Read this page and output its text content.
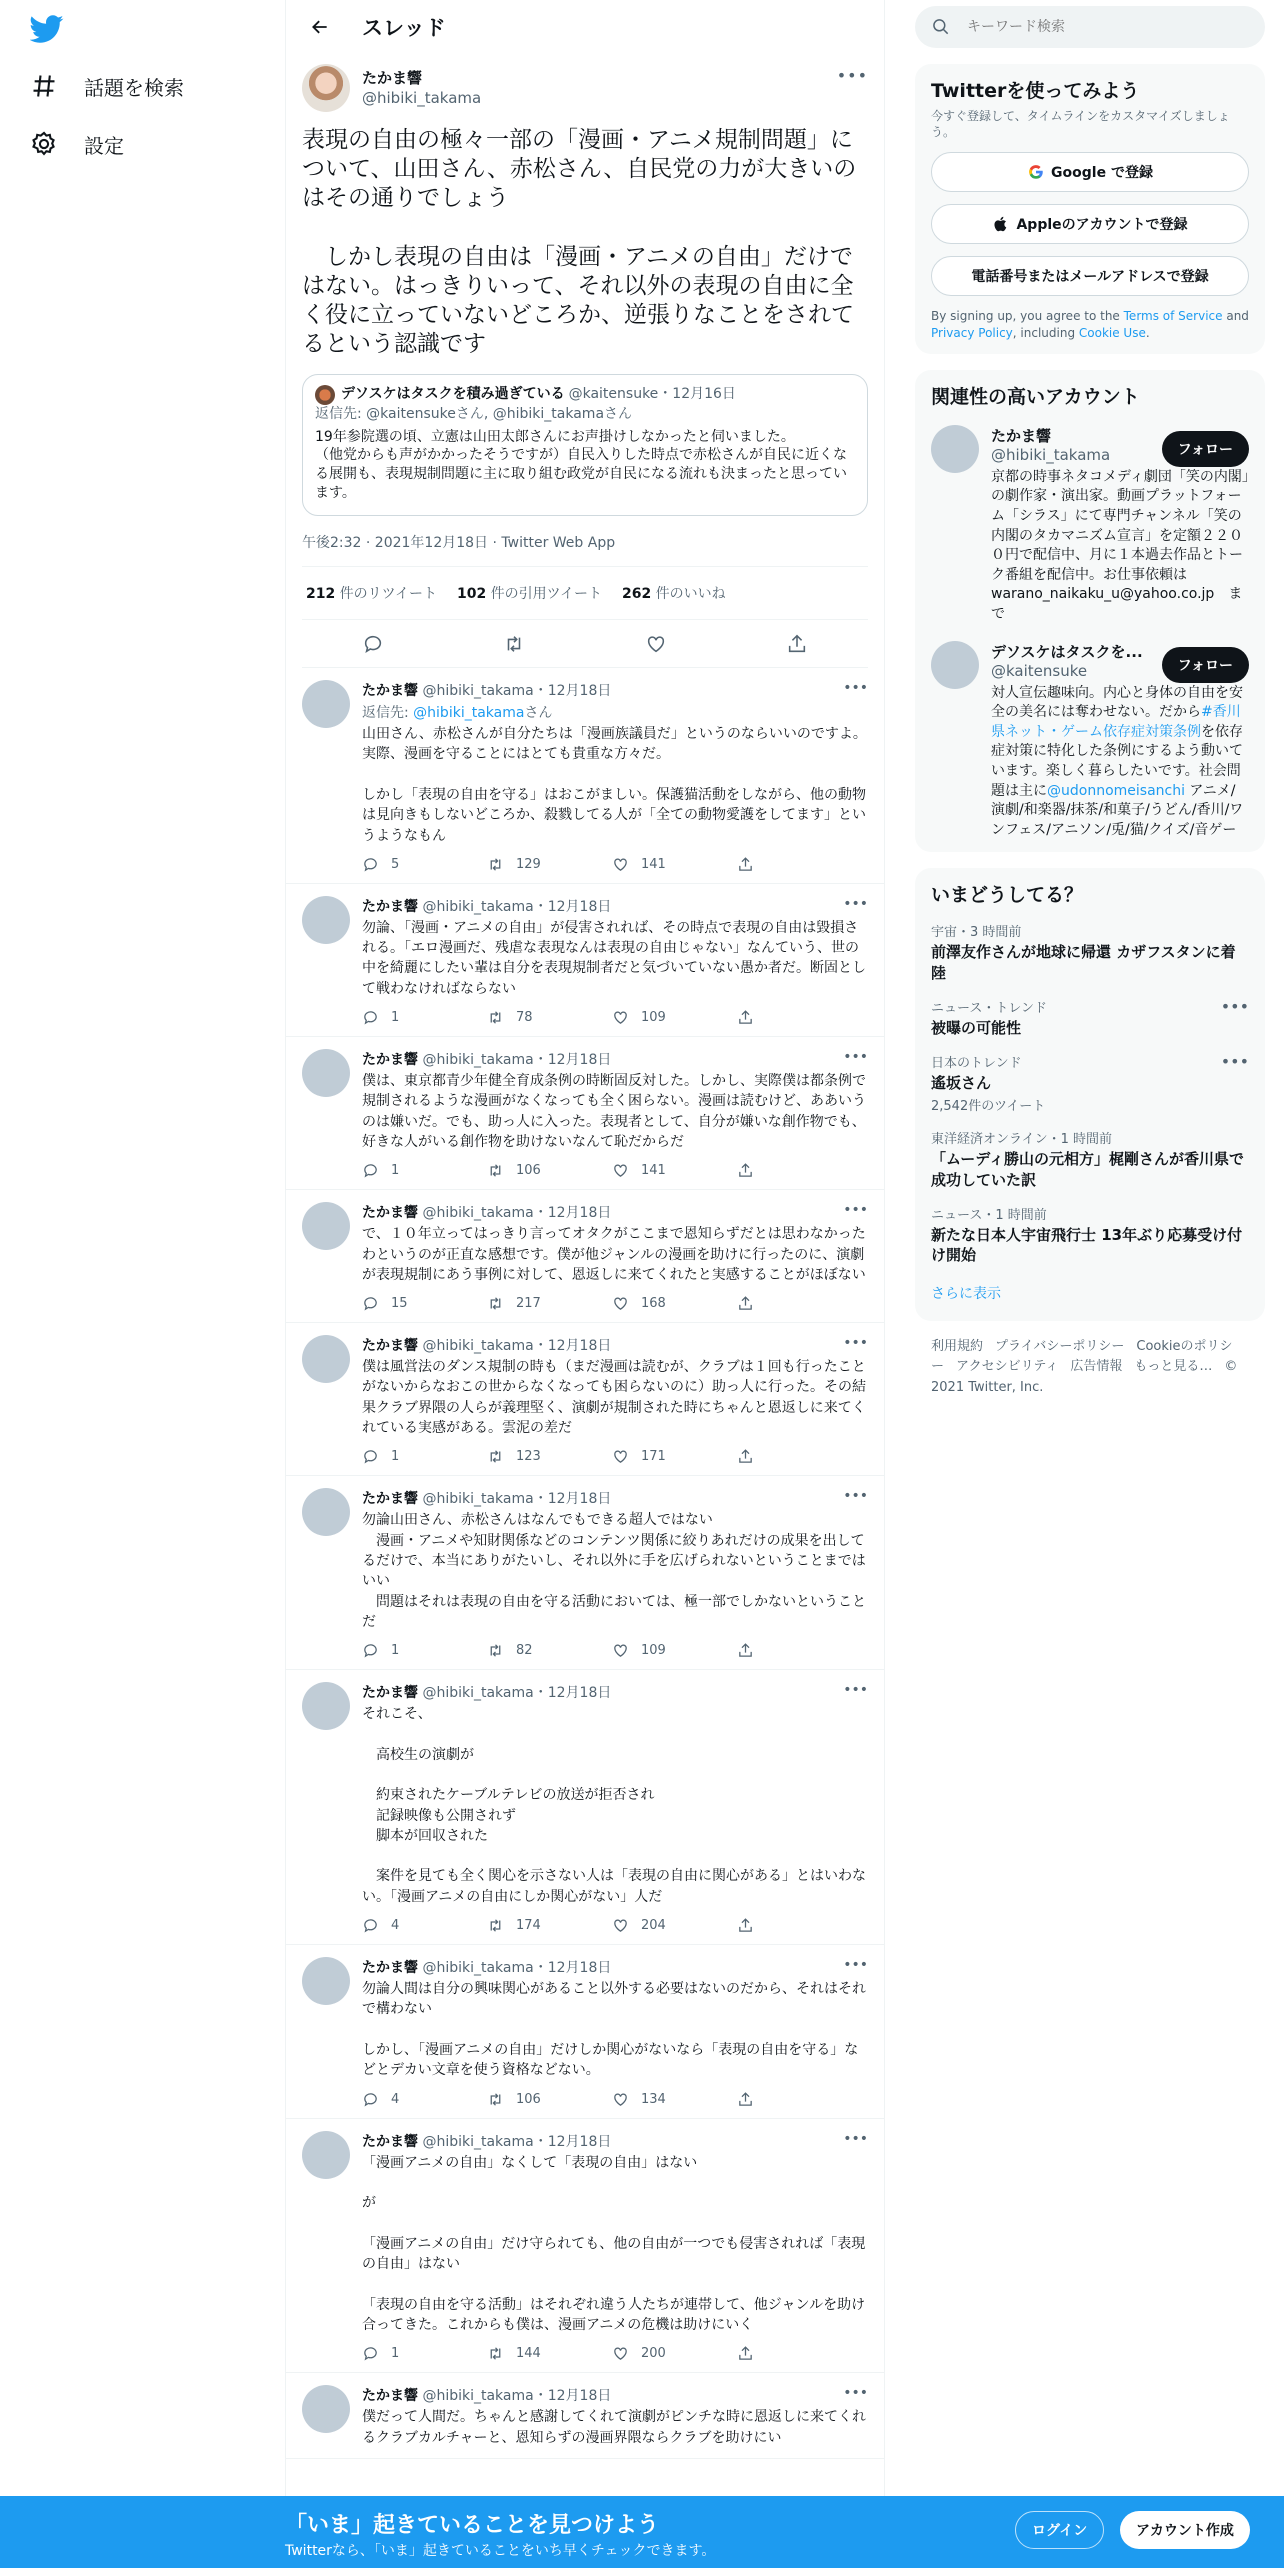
話題を検索
設定
スレッド
たかま響
@hibiki_takama
•••
表現の自由の極々一部の「漫画・アニメ規制問題」について、山田さん、赤松さん、自民党の力が大きいのはその通りでしょう

　しかし表現の自由は「漫画・アニメの自由」だけではない。はっきりいって、それ以外の表現の自由に全く役に立っていないどころか、逆張りなことをされてるという認識です
デソスケはタスクを積み過ぎている @kaitensuke ・12月16日
返信先: @kaitensukeさん, @hibiki_takamaさん
19年参院選の頃、立憲は山田太郎さんにお声掛けしなかったと伺いました。
（他党からも声がかかったそうですが）自民入りした時点で赤松さんが自民に近くなる展開も、表現規制問題に主に取り組む政党が自民になる流れも決まったと思っています。
午後2:32 · 2021年12月18日 · Twitter Web App
212 件のリツイート 102 件の引用ツイート 262 件のいいね
たかま響 @hibiki_takama・12月18日	•••
返信先: @hibiki_takamaさん
山田さん、赤松さんが自分たちは「漫画族議員だ」というのならいいのですよ。実際、漫画を守ることにはとても貴重な方々だ。

しかし「表現の自由を守る」はおこがましい。保護猫活動をしながら、他の動物は見向きもしないどころか、殺戮してる人が「全ての動物愛護をしてます」というようなもん
5	129	141
たかま響 @hibiki_takama・12月18日	•••
勿論、「漫画・アニメの自由」が侵害されれば、その時点で表現の自由は毀損される。「エロ漫画だ、残虐な表現なんは表現の自由じゃない」なんていう、世の中を綺麗にしたい輩は自分を表現規制者だと気づいていない愚か者だ。断固として戦わなければならない
1	78	109
たかま響 @hibiki_takama・12月18日	•••
僕は、東京都青少年健全育成条例の時断固反対した。しかし、実際僕は都条例で規制されるような漫画がなくなっても全く困らない。漫画は読むけど、ああいうのは嫌いだ。でも、助っ人に入った。表現者として、自分が嫌いな創作物でも、好きな人がいる創作物を助けないなんて恥だからだ
1	106	141
たかま響 @hibiki_takama・12月18日	•••
で、１０年立ってはっきり言ってオタクがここまで恩知らずだとは思わなかったわというのが正直な感想です。僕が他ジャンルの漫画を助けに行ったのに、演劇が表現規制にあう事例に対して、恩返しに来てくれたと実感することがほぼない
15	217	168
たかま響 @hibiki_takama・12月18日	•••
僕は風営法のダンス規制の時も（まだ漫画は読むが、クラブは１回も行ったことがないからなおこの世からなくなっても困らないのに）助っ人に行った。その結果クラブ界隈の人らが義理堅く、演劇が規制された時にちゃんと恩返しに来てくれている実感がある。雲泥の差だ
1	123	171
たかま響 @hibiki_takama・12月18日	•••
勿論山田さん、赤松さんはなんでもできる超人ではない
　漫画・アニメや知財関係などのコンテンツ関係に絞りあれだけの成果を出してるだけで、本当にありがたいし、それ以外に手を広げられないということまではいい
　問題はそれは表現の自由を守る活動においては、極一部でしかないということだ
1	82	109
たかま響 @hibiki_takama・12月18日	•••
それこそ、

　高校生の演劇が

　約束されたケーブルテレビの放送が拒否され
　記録映像も公開されず
　脚本が回収された

　案件を見ても全く関心を示さない人は「表現の自由に関心がある」とはいわない。「漫画アニメの自由にしか関心がない」人だ
4	174	204
たかま響 @hibiki_takama・12月18日	•••
勿論人間は自分の興味関心があること以外する必要はないのだから、それはそれで構わない

しかし、「漫画アニメの自由」だけしか関心がないなら「表現の自由を守る」などとデカい文章を使う資格などない。
4	106	134
たかま響 @hibiki_takama・12月18日	•••
「漫画アニメの自由」なくして「表現の自由」はない

が

「漫画アニメの自由」だけ守られても、他の自由が一つでも侵害されれば「表現の自由」はない

「表現の自由を守る活動」はそれぞれ違う人たちが連帯して、他ジャンルを助け合ってきた。これからも僕は、漫画アニメの危機は助けにいく
1	144	200
たかま響 @hibiki_takama・12月18日	•••
僕だって人間だ。ちゃんと感謝してくれて演劇がピンチな時に恩返しに来てくれるクラブカルチャーと、恩知らずの漫画界隈ならクラブを助けにい
キーワード検索
Twitterを使ってみよう
今すぐ登録して、タイムラインをカスタマイズしましょう。
Google で登録
Appleのアカウントで登録
電話番号またはメールアドレスで登録
By signing up, you agree to the Terms of Service and Privacy Policy, including Cookie Use.
関連性の高いアカウント
たかま響
@hibiki_takama
京都の時事ネタコメディ劇団「笑の内閣」の劇作家・演出家。動画プラットフォーム「シラス」にて専門チャンネル「笑の内閣のタカマニズム宣言」を定額２２００円で配信中、月に１本過去作品とトーク番組を配信中。お仕事依頼は warano_naikaku_u@yahoo.co.jp　まで
フォロー
デソスケはタスクを...
@kaitensuke
対人宣伝趣味向。内心と身体の自由を安全の美名には奪わせない。だから#香川県ネット・ゲーム依存症対策条例を依存症対策に特化した条例にするよう動いています。楽しく暮らしたいです。社会問題は主に@udonnomeisanchi アニメ/演劇/和楽器/抹茶/和菓子/うどん/香川/ワンフェス/アニソン/兎/猫/クイズ/音ゲー
フォロー
いまどうしてる？
宇宙・3 時間前
前澤友作さんが地球に帰還 カザフスタンに着陸
ニュース・トレンド
被曝の可能性
•••
日本のトレンド
遙坂さん
2,542件のツイート
•••
東洋経済オンライン・1 時間前
「ムーディ勝山の元相方」梶剛さんが香川県で成功していた訳
ニュース・1 時間前
新たな日本人宇宙飛行士 13年ぶり応募受け付け開始
さらに表示
利用規約 プライバシーポリシー Cookieのポリシー アクセシビリティ 広告情報 もっと見る… © 2021 Twitter, Inc.
「いま」起きていることを見つけよう
Twitterなら、「いま」起きていることをいち早くチェックできます。
ログイン	アカウント作成
